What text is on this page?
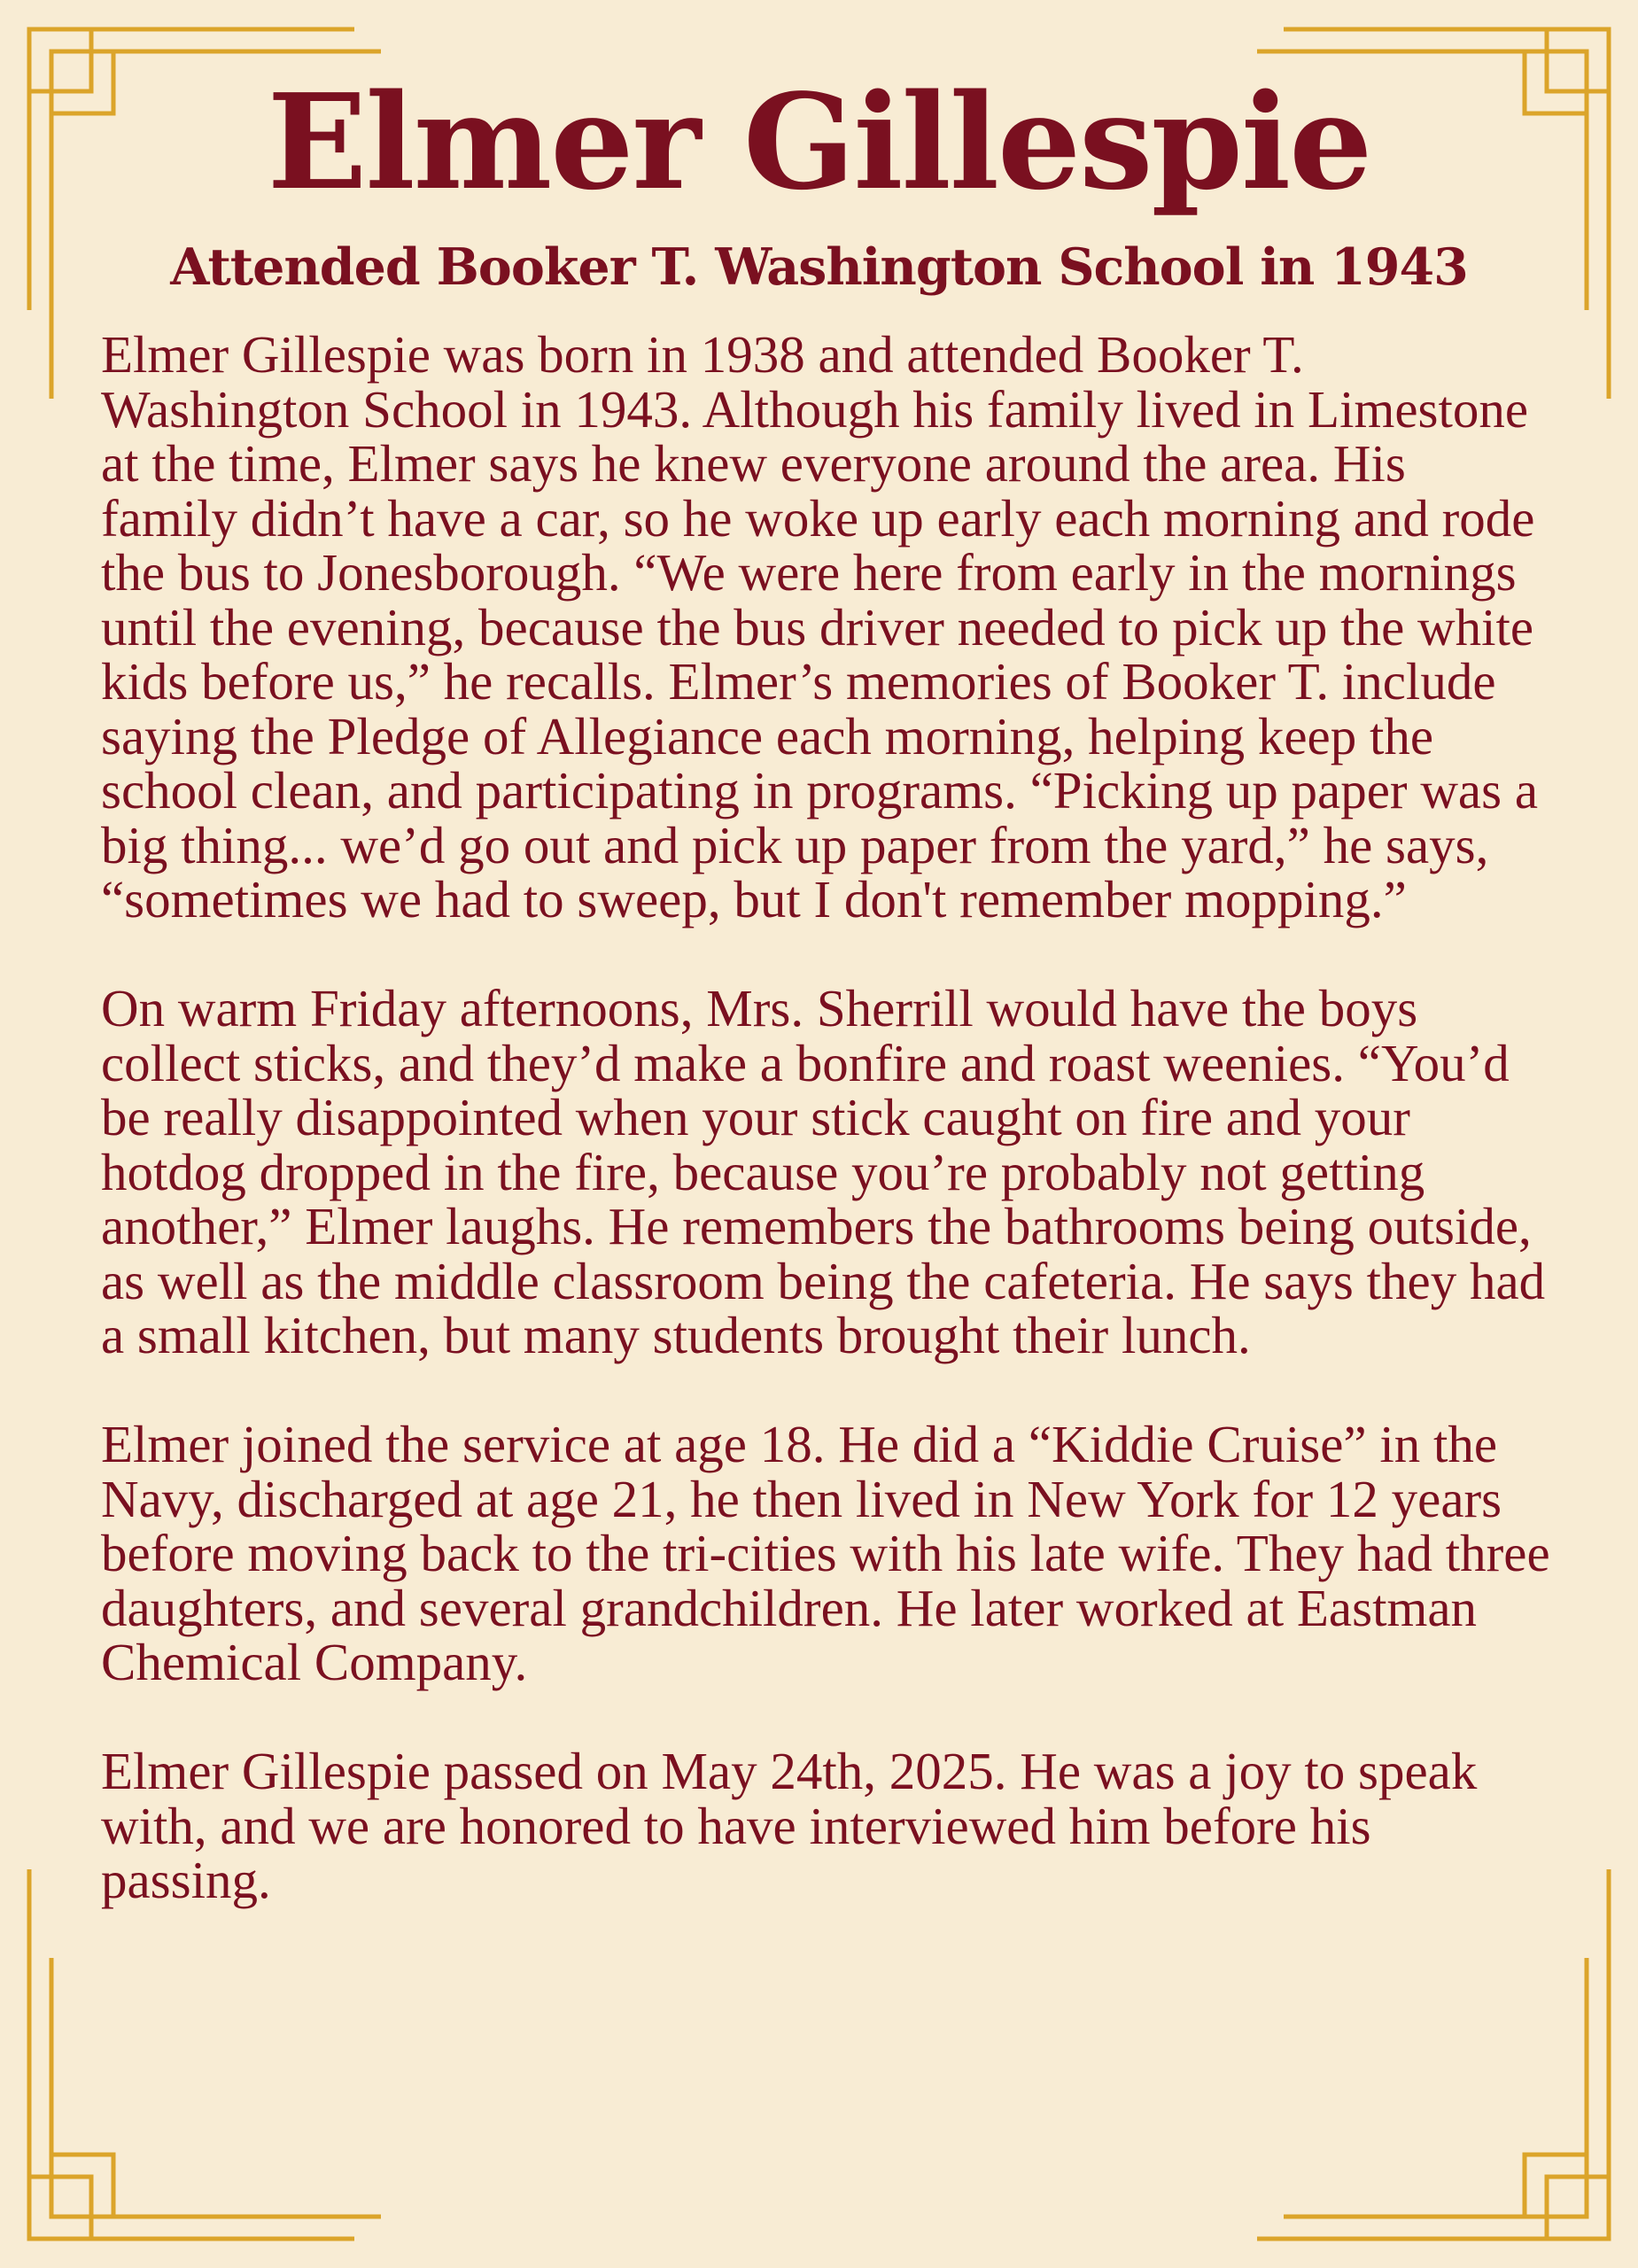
Elmer Gillespie
Attended Booker T. Washington School in 1943

Elmer Gillespie was born in 1938 and attended Booker T. Washington School in 1943. Although his family lived in Limestone at the time, Elmer says he knew everyone around the area. His family didn’t have a car, so he woke up early each morning and rode the bus to Jonesborough. “We were here from early in the mornings until the evening, because the bus driver needed to pick up the white kids before us,” he recalls. Elmer’s memories of Booker T. include saying the Pledge of Allegiance each morning, helping keep the school clean, and participating in programs. “Picking up paper was a big thing... we’d go out and pick up paper from the yard,” he says, “sometimes we had to sweep, but I don't remember mopping.”

On warm Friday afternoons, Mrs. Sherrill would have the boys collect sticks, and they’d make a bonfire and roast weenies. “You’d be really disappointed when your stick caught on fire and your hotdog dropped in the fire, because you’re probably not getting another,” Elmer laughs. He remembers the bathrooms being outside, as well as the middle classroom being the cafeteria. He says they had a small kitchen, but many students brought their lunch.

Elmer joined the service at age 18. He did a “Kiddie Cruise” in the Navy, discharged at age 21, he then lived in New York for 12 years before moving back to the tri-cities with his late wife. They had three daughters, and several grandchildren. He later worked at Eastman Chemical Company.

Elmer Gillespie passed on May 24th, 2025. He was a joy to speak with, and we are honored to have interviewed him before his passing.
